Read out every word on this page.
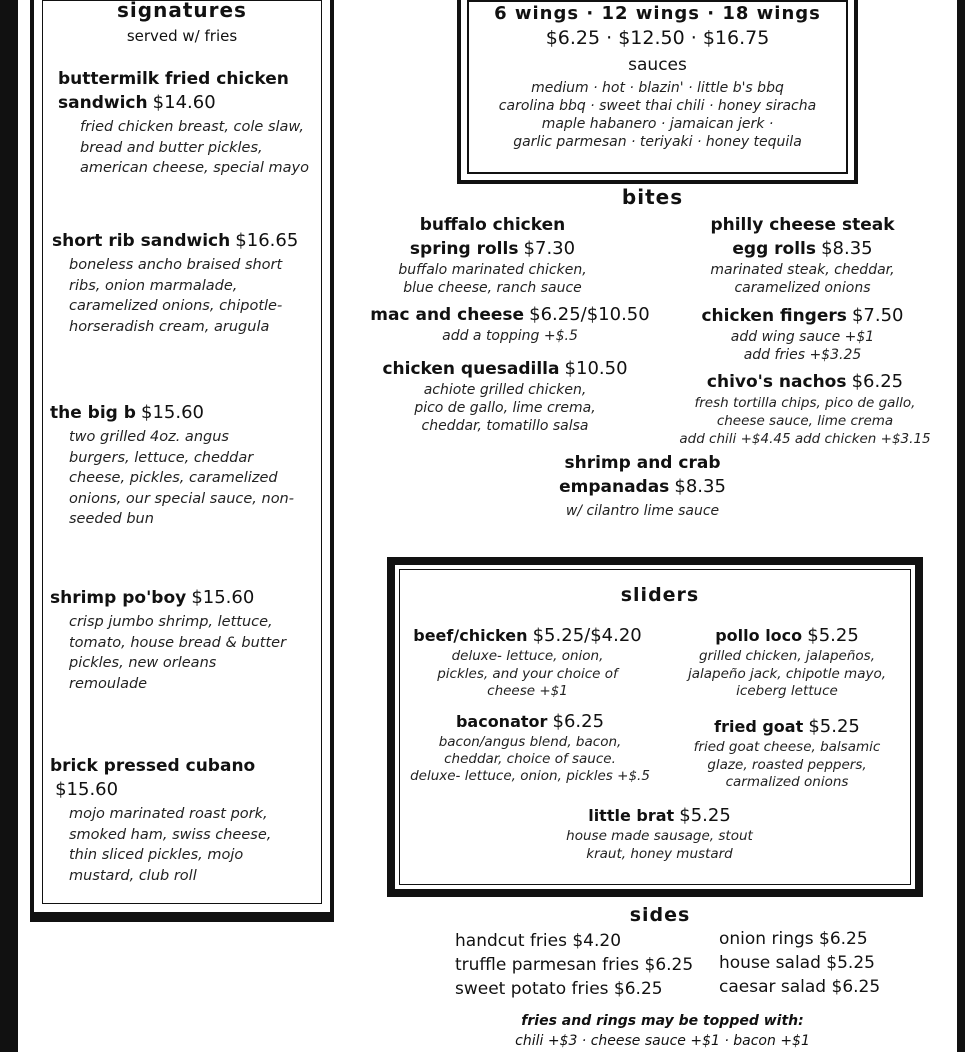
signatures
served w/ fries
buttermilk fried chicken
sandwich $14.60
fried chicken breast, cole slaw,
bread and butter pickles,
american cheese, special mayo
short rib sandwich $16.65
boneless ancho braised short
ribs, onion marmalade,
caramelized onions, chipotle-
horseradish cream, arugula
the big b $15.60
two grilled 4oz. angus
burgers, lettuce, cheddar
cheese, pickles, caramelized
onions, our special sauce, non-
seeded bun
shrimp po'boy $15.60
crisp jumbo shrimp, lettuce,
tomato, house bread & butter
pickles, new orleans
remoulade
brick pressed cubano  $15.60
mojo marinated roast pork,
smoked ham, swiss cheese,
thin sliced pickles, mojo
mustard, club roll
6 wings · 12 wings · 18 wings
$6.25 · $12.50 · $16.75
sauces
medium · hot · blazin' · little b's bbq
carolina bbq · sweet thai chili · honey siracha
maple habanero · jamaican jerk ·
garlic parmesan · teriyaki · honey tequila
bites
buffalo chicken
spring rolls $7.30
buffalo marinated chicken,
blue cheese, ranch sauce
philly cheese steak
egg rolls $8.35
marinated steak, cheddar,
caramelized onions
mac and cheese $6.25/$10.50
add a topping +$.5
chicken fingers $7.50
add wing sauce +$1
add fries +$3.25
chicken quesadilla $10.50
achiote grilled chicken,
pico de gallo, lime crema,
cheddar, tomatillo salsa
chivo's nachos $6.25
fresh tortilla chips, pico de gallo,
cheese sauce, lime crema
add chili +$4.45 add chicken +$3.15
shrimp and crab
empanadas $8.35
w/ cilantro lime sauce
sliders
beef/chicken $5.25/$4.20
deluxe- lettuce, onion,
pickles, and your choice of
cheese +$1
pollo loco $5.25
grilled chicken, jalapeños,
jalapeño jack, chipotle mayo,
iceberg lettuce
baconator $6.25
bacon/angus blend, bacon,
cheddar, choice of sauce.
deluxe- lettuce, onion, pickles +$.5
fried goat $5.25
fried goat cheese, balsamic
glaze, roasted peppers,
carmalized onions
little brat $5.25
house made sausage, stout
kraut, honey mustard
sides
handcut fries $4.20
truffle parmesan fries $6.25
sweet potato fries $6.25
onion rings $6.25
house salad $5.25
caesar salad $6.25
fries and rings may be topped with:
chili +$3 · cheese sauce +$1 · bacon +$1
